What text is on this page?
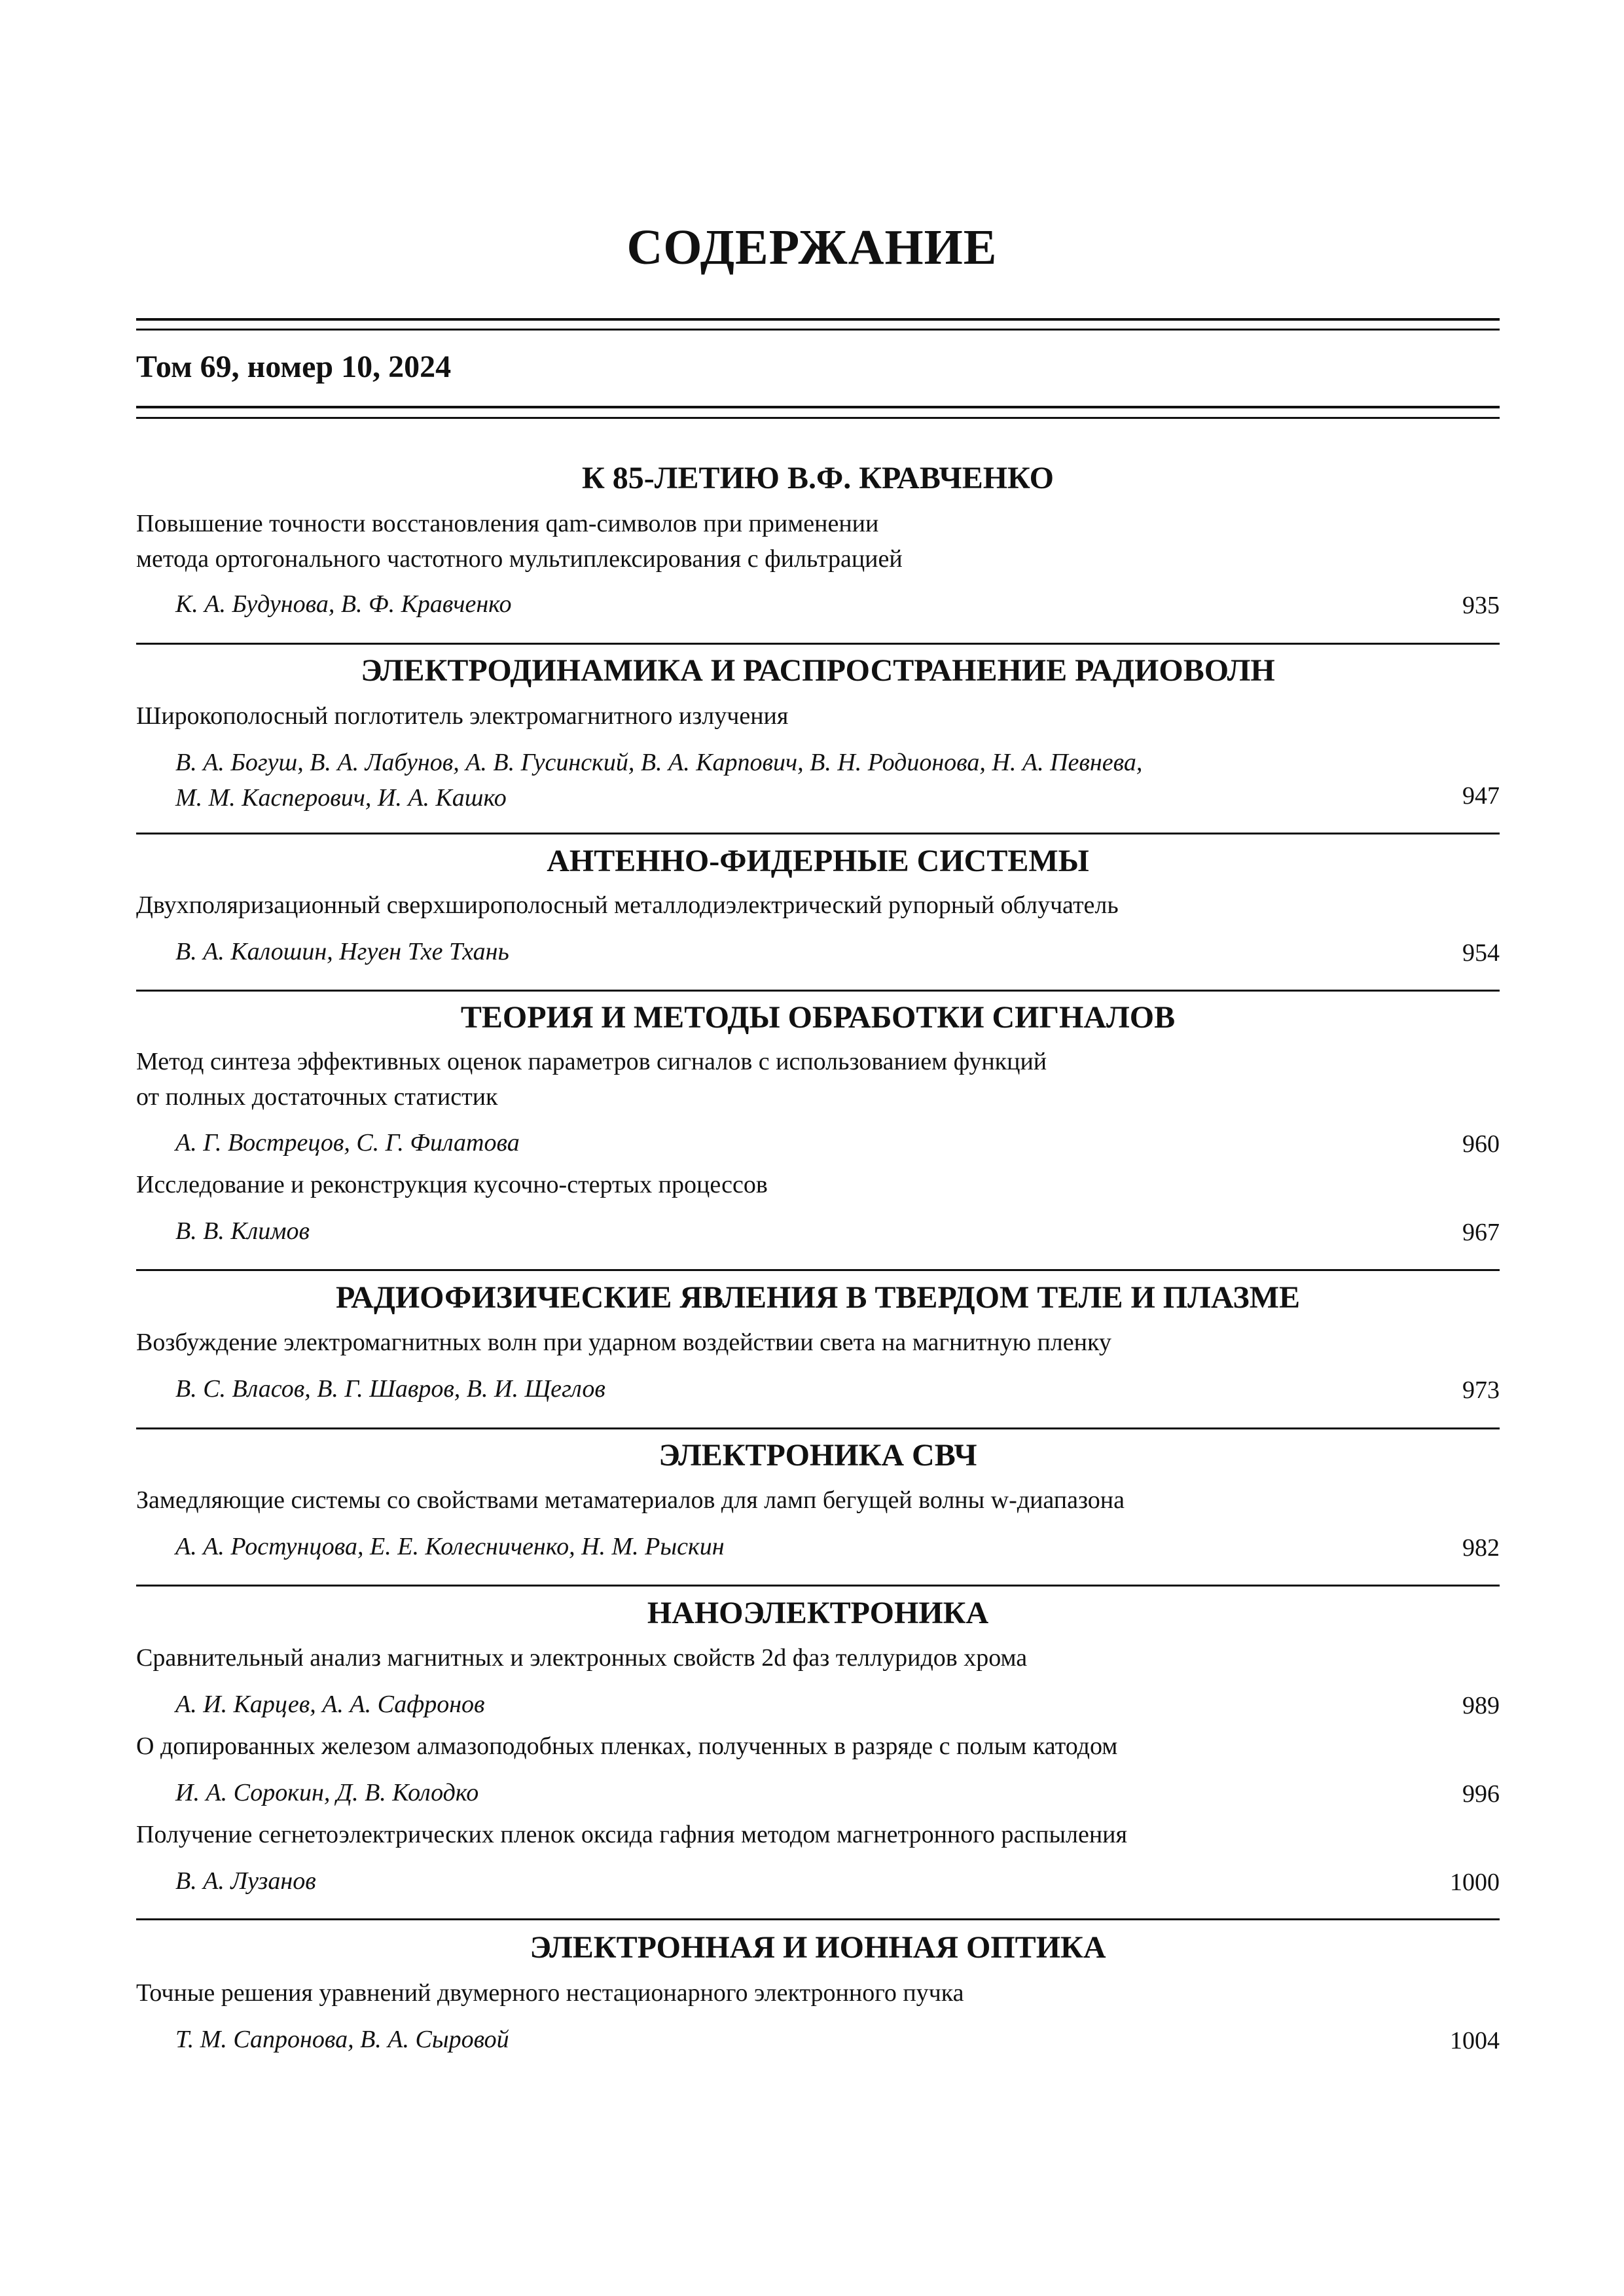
СОДЕРЖАНИЕ
Том 69, номер 10, 2024
К 85-ЛЕТИЮ В.Ф. КРАВЧЕНКО
Повышение точности восстановления qam-символов при применении
метода ортогонального частотного мультиплексирования с фильтрацией
К. А. Будунова, В. Ф. Кравченко	935
ЭЛЕКТРОДИНАМИКА И РАСПРОСТРАНЕНИЕ РАДИОВОЛН
Широкополосный поглотитель электромагнитного излучения
В. А. Богуш, В. А. Лабунов, А. В. Гусинский, В. А. Карпович, В. Н. Родионова, Н. А. Певнева,
М. М. Касперович, И. А. Кашко	947
АНТЕННО-ФИДЕРНЫЕ СИСТЕМЫ
Двухполяризационный сверхширополосный металлодиэлектрический рупорный облучатель
В. А. Калошин, Нгуен Тхе Тхань	954
ТЕОРИЯ И МЕТОДЫ ОБРАБОТКИ СИГНАЛОВ
Метод синтеза эффективных оценок параметров сигналов с использованием функций
от полных достаточных статистик
А. Г. Вострецов, С. Г. Филатова	960
Исследование и реконструкция кусочно-стертых процессов
В. В. Климов	967
РАДИОФИЗИЧЕСКИЕ ЯВЛЕНИЯ В ТВЕРДОМ ТЕЛЕ И ПЛАЗМЕ
Возбуждение электромагнитных волн при ударном воздействии света на магнитную пленку
В. С. Власов, В. Г. Шавров, В. И. Щеглов	973
ЭЛЕКТРОНИКА СВЧ
Замедляющие системы со свойствами метаматериалов для ламп бегущей волны w-диапазона
А. А. Ростунцова, Е. Е. Колесниченко, Н. М. Рыскин	982
НАНОЭЛЕКТРОНИКА
Сравнительный анализ магнитных и электронных свойств 2d фаз теллуридов хрома
А. И. Карцев, А. А. Сафронов	989
О допированных железом алмазоподобных пленках, полученных в разряде с полым катодом
И. А. Сорокин, Д. В. Колодко	996
Получение сегнетоэлектрических пленок оксида гафния методом магнетронного распыления
В. А. Лузанов	1000
ЭЛЕКТРОННАЯ И ИОННАЯ ОПТИКА
Точные решения уравнений двумерного нестационарного электронного пучка
Т. М. Сапронова, В. А. Сыровой	1004
